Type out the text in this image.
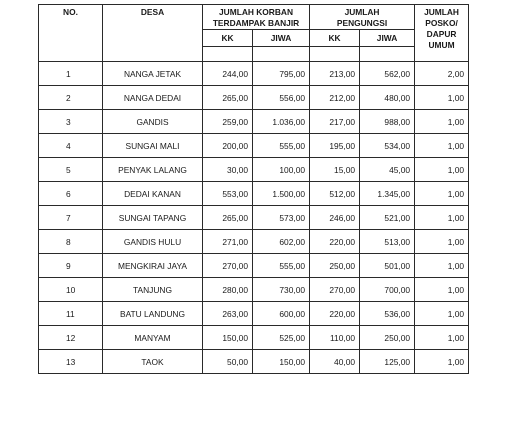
NO.	DESA	JUMLAH KORBAN TERDAMPAK BANJIR		JUMLAH PENGUNGSI		JUMLAH POSKO/ DAPUR UMUM
		KK	JIWA	KK	JIWA	

1	NANGA JETAK	244,00	795,00	213,00	562,00	2,00
2	NANGA DEDAI	265,00	556,00	212,00	480,00	1,00
3	GANDIS	259,00	1.036,00	217,00	988,00	1,00
4	SUNGAI MALI	200,00	555,00	195,00	534,00	1,00
5	PENYAK LALANG	30,00	100,00	15,00	45,00	1,00
6	DEDAI KANAN	553,00	1.500,00	512,00	1.345,00	1,00
7	SUNGAI TAPANG	265,00	573,00	246,00	521,00	1,00
8	GANDIS HULU	271,00	602,00	220,00	513,00	1,00
9	MENGKIRAI JAYA	270,00	555,00	250,00	501,00	1,00
10	TANJUNG	280,00	730,00	270,00	700,00	1,00
11	BATU LANDUNG	263,00	600,00	220,00	536,00	1,00
12	MANYAM	150,00	525,00	110,00	250,00	1,00
13	TAOK	50,00	150,00	40,00	125,00	1,00
